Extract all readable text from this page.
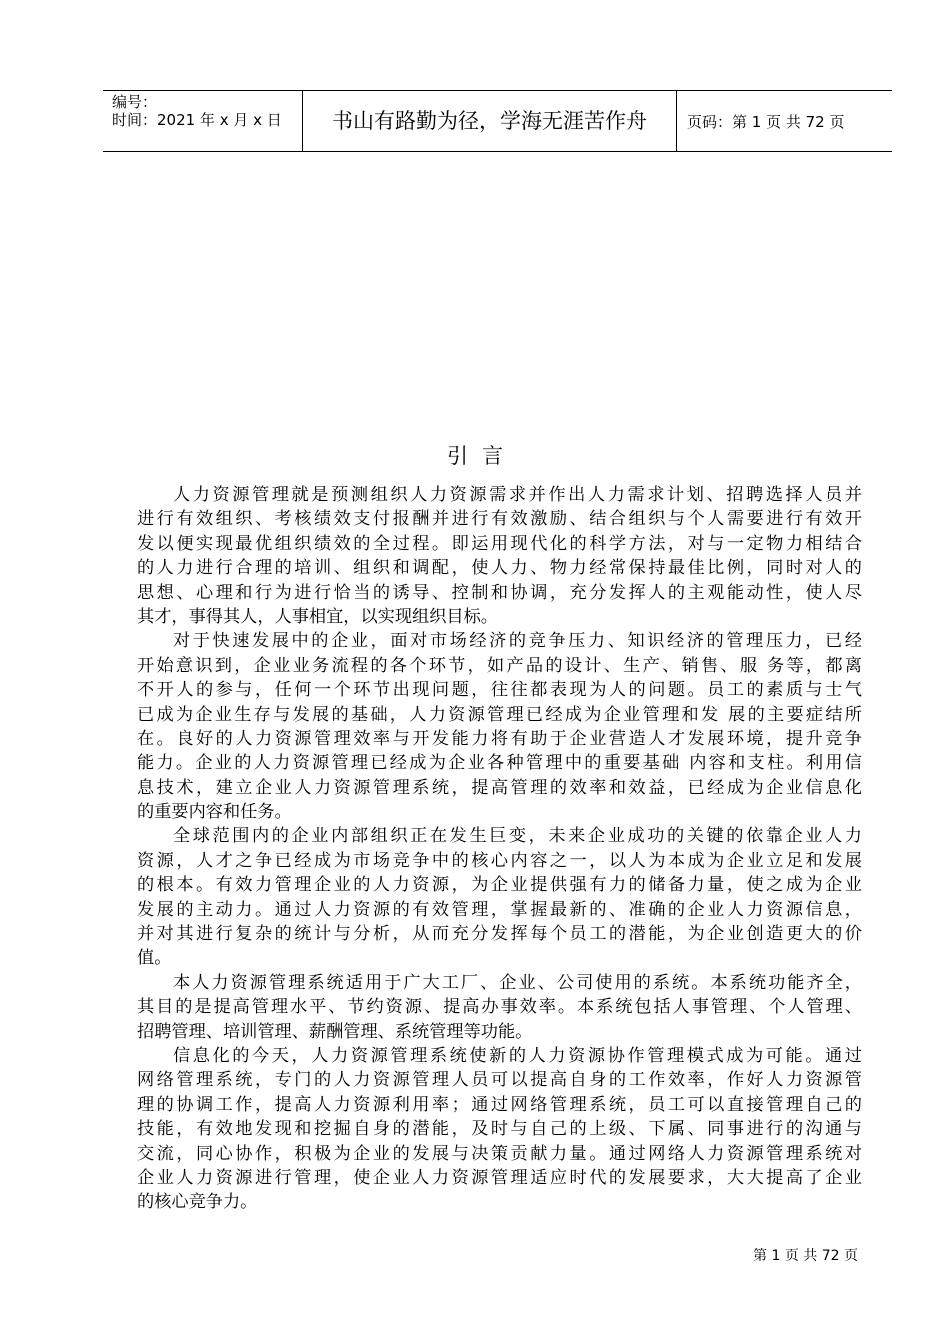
编号：
时间：2021 年 x 月 x 日	书山有路勤为径，学海无涯苦作舟	页码：第 1 页 共 72 页
引言
人力资源管理就是预测组织人力资源需求并作出人力需求计划、招聘选择人员并
进行有效组织、考核绩效支付报酬并进行有效激励、结合组织与个人需要进行有效开
发以便实现最优组织绩效的全过程。即运用现代化的科学方法，对与一定物力相结合
的人力进行合理的培训、组织和调配，使人力、物力经常保持最佳比例，同时对人的
思想、心理和行为进行恰当的诱导、控制和协调，充分发挥人的主观能动性，使人尽
其才，事得其人，人事相宜，以实现组织目标。
对于快速发展中的企业，面对市场经济的竞争压力、知识经济的管理压力，已经
开始意识到，企业业务流程的各个环节，如产品的设计、生产、销售、服 务等，都离
不开人的参与，任何一个环节出现问题，往往都表现为人的问题。员工的素质与士气
已成为企业生存与发展的基础，人力资源管理已经成为企业管理和发 展的主要症结所
在。良好的人力资源管理效率与开发能力将有助于企业营造人才发展环境，提升竞争
能力。企业的人力资源管理已经成为企业各种管理中的重要基础 内容和支柱。利用信
息技术，建立企业人力资源管理系统，提高管理的效率和效益，已经成为企业信息化
的重要内容和任务。
全球范围内的企业内部组织正在发生巨变，未来企业成功的关键的依靠企业人力
资源，人才之争已经成为市场竞争中的核心内容之一，以人为本成为企业立足和发展
的根本。有效力管理企业的人力资源，为企业提供强有力的储备力量，使之成为企业
发展的主动力。通过人力资源的有效管理，掌握最新的、准确的企业人力资源信息，
并对其进行复杂的统计与分析，从而充分发挥每个员工的潜能，为企业创造更大的价
值。
本人力资源管理系统适用于广大工厂、企业、公司使用的系统。本系统功能齐全，
其目的是提高管理水平、节约资源、提高办事效率。本系统包括人事管理、个人管理、
招聘管理、培训管理、薪酬管理、系统管理等功能。
信息化的今天，人力资源管理系统使新的人力资源协作管理模式成为可能。通过
网络管理系统，专门的人力资源管理人员可以提高自身的工作效率，作好人力资源管
理的协调工作，提高人力资源利用率；通过网络管理系统，员工可以直接管理自己的
技能，有效地发现和挖掘自身的潜能，及时与自己的上级、下属、同事进行的沟通与
交流，同心协作，积极为企业的发展与决策贡献力量。通过网络人力资源管理系统对
企业人力资源进行管理，使企业人力资源管理适应时代的发展要求，大大提高了企业
的核心竞争力。
第 1 页 共 72 页
